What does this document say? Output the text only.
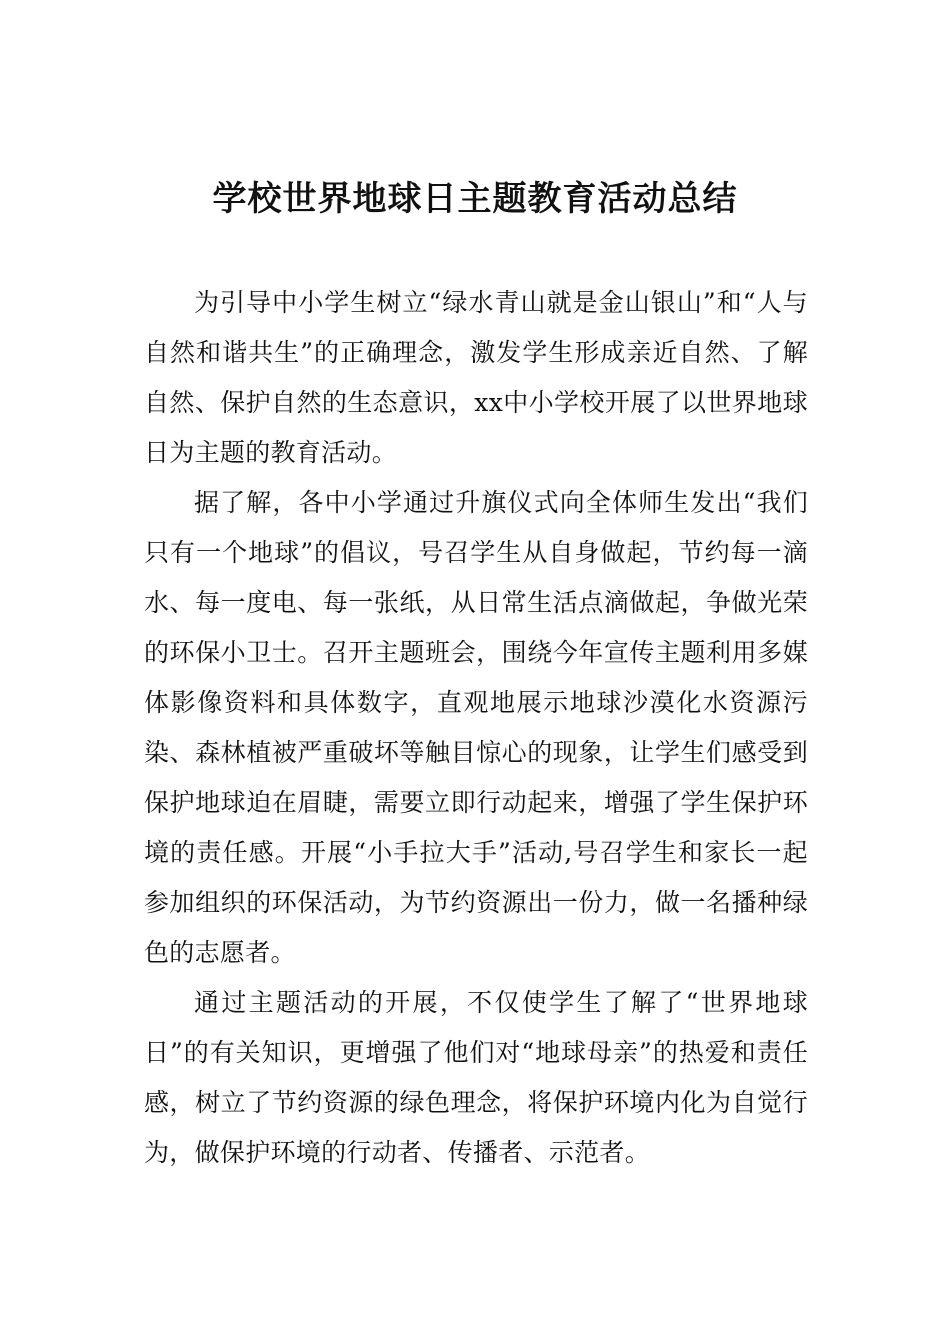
学校世界地球日主题教育活动总结

为引导中小学生树立“绿水青山就是金山银山”和“人与自然和谐共生”的正确理念，激发学生形成亲近自然、了解自然、保护自然的生态意识，xx中小学校开展了以世界地球日为主题的教育活动。

据了解，各中小学通过升旗仪式向全体师生发出“我们只有一个地球”的倡议，号召学生从自身做起，节约每一滴水、每一度电、每一张纸，从日常生活点滴做起，争做光荣的环保小卫士。召开主题班会，围绕今年宣传主题利用多媒体影像资料和具体数字，直观地展示地球沙漠化水资源污染、森林植被严重破坏等触目惊心的现象，让学生们感受到保护地球迫在眉睫，需要立即行动起来，增强了学生保护环境的责任感。开展“小手拉大手”活动,号召学生和家长一起参加组织的环保活动，为节约资源出一份力，做一名播种绿色的志愿者。

通过主题活动的开展，不仅使学生了解了“世界地球日”的有关知识，更增强了他们对“地球母亲”的热爱和责任感，树立了节约资源的绿色理念，将保护环境内化为自觉行为，做保护环境的行动者、传播者、示范者。
